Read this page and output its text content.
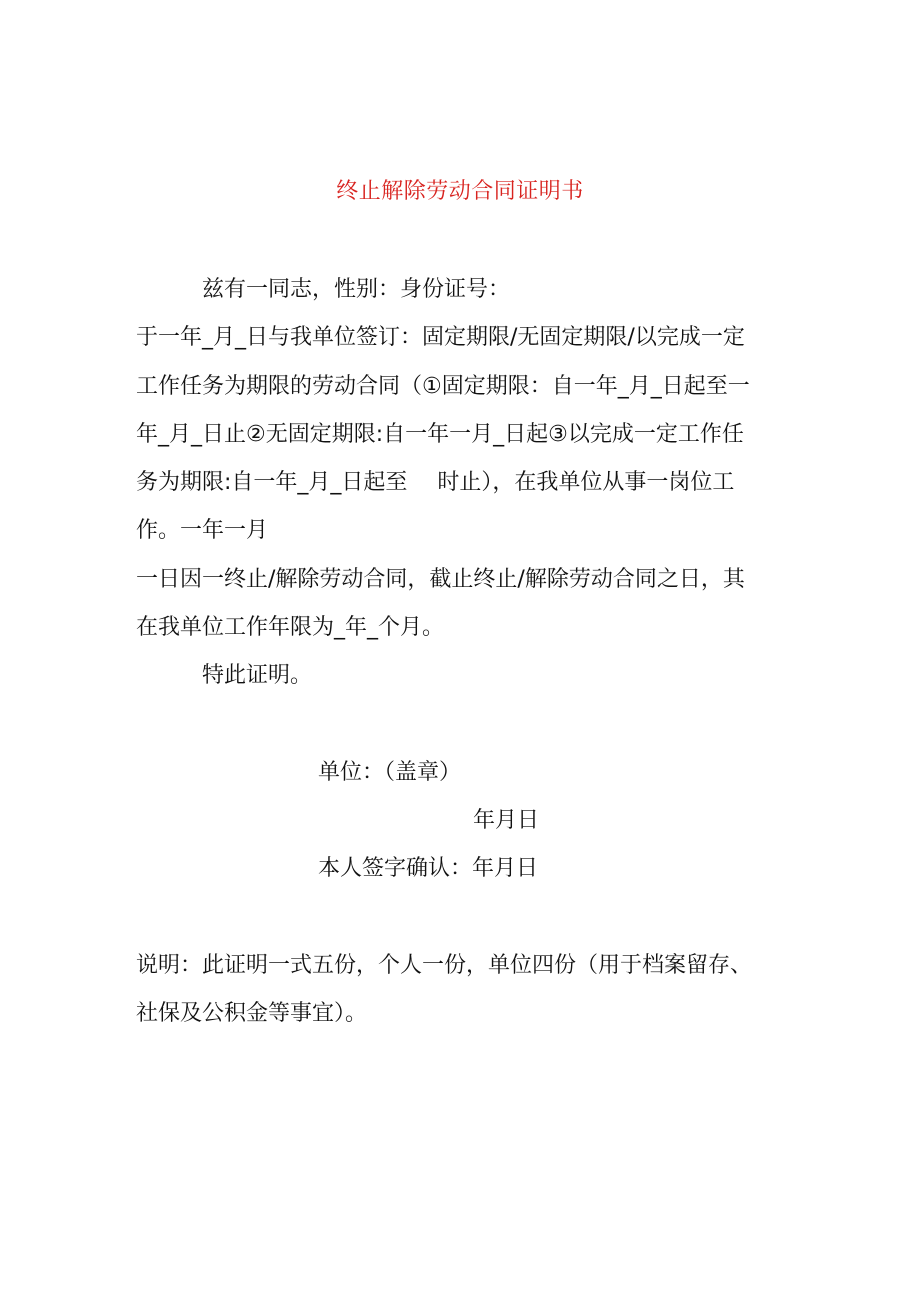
终止解除劳动合同证明书
兹有一同志，性别：身份证号：
于一年_月_日与我单位签订：固定期限/无固定期限/以完成一定
工作任务为期限的劳动合同（①固定期限：自一年_月_日起至一
年_月_日止②无固定期限:自一年一月_日起③以完成一定工作任
务为期限:自一年_月_日起至 时止），在我单位从事一岗位工
作。一年一月
一日因一终止/解除劳动合同，截止终止/解除劳动合同之日，其
在我单位工作年限为_年_个月。
特此证明。
单位：（盖章）
年月日
本人签字确认：年月日
说明：此证明一式五份，个人一份，单位四份（用于档案留存、
社保及公积金等事宜）。
